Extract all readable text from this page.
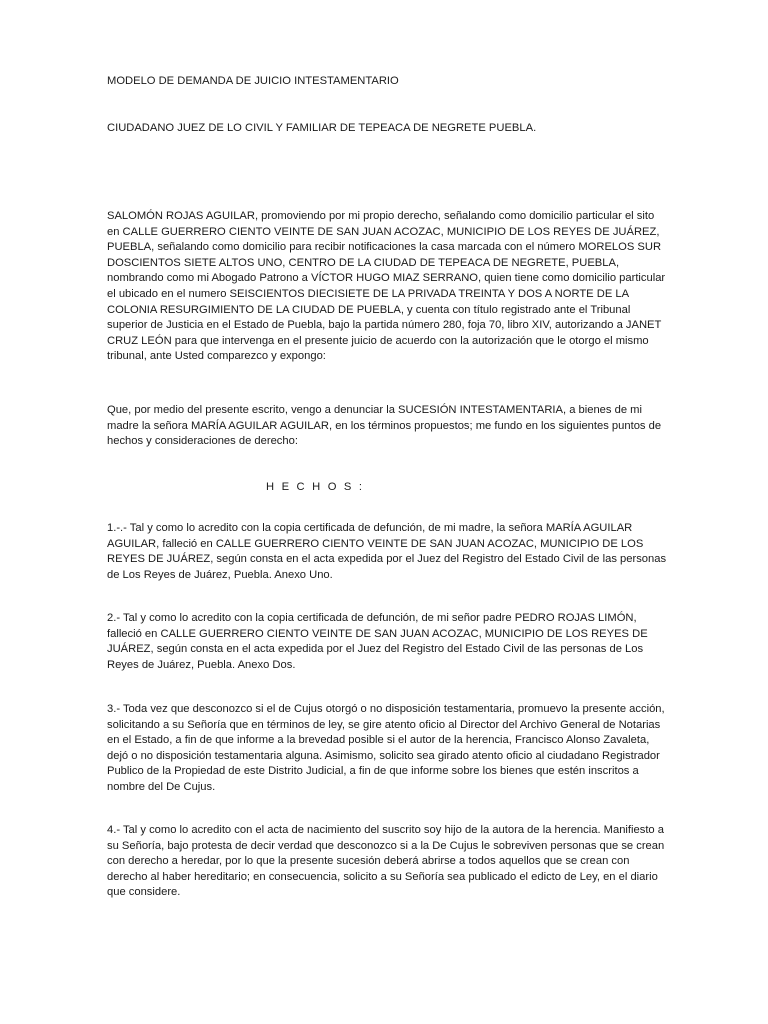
MODELO DE DEMANDA DE JUICIO INTESTAMENTARIO

CIUDADANO JUEZ DE LO CIVIL Y FAMILIAR DE TEPEACA DE NEGRETE PUEBLA.

SALOMÓN ROJAS AGUILAR, promoviendo por mi propio derecho, señalando como domicilio particular el sito en CALLE GUERRERO CIENTO VEINTE DE SAN JUAN ACOZAC, MUNICIPIO DE LOS REYES DE JUÁREZ, PUEBLA, señalando como domicilio para recibir notificaciones la casa marcada con el número MORELOS SUR DOSCIENTOS SIETE ALTOS UNO, CENTRO DE LA CIUDAD DE TEPEACA DE NEGRETE, PUEBLA, nombrando como mi Abogado Patrono a VÍCTOR HUGO MIAZ SERRANO, quien tiene como domicilio particular el ubicado en el numero SEISCIENTOS DIECISIETE DE LA PRIVADA TREINTA Y DOS A NORTE DE LA COLONIA RESURGIMIENTO DE LA CIUDAD DE PUEBLA, y cuenta con título registrado ante el Tribunal superior de Justicia en el Estado de Puebla, bajo la partida número 280, foja 70, libro XIV, autorizando a JANET CRUZ LEÓN para que intervenga en el presente juicio de acuerdo con la autorización que le otorgo el mismo tribunal, ante Usted comparezco y expongo:

Que, por medio del presente escrito, vengo a denunciar la SUCESIÓN INTESTAMENTARIA, a bienes de mi madre la señora MARÍA AGUILAR AGUILAR, en los términos propuestos; me fundo en los siguientes puntos de hechos y consideraciones de derecho:

HECHOS:

1.-.- Tal y como lo acredito con la copia certificada de defunción, de mi madre, la señora MARÍA AGUILAR AGUILAR, falleció en CALLE GUERRERO CIENTO VEINTE DE SAN JUAN ACOZAC, MUNICIPIO DE LOS REYES DE JUÁREZ, según consta en el acta expedida por el Juez del Registro del Estado Civil de las personas de Los Reyes de Juárez, Puebla. Anexo Uno.

2.- Tal y como lo acredito con la copia certificada de defunción, de mi señor padre PEDRO ROJAS LIMÓN, falleció en CALLE GUERRERO CIENTO VEINTE DE SAN JUAN ACOZAC, MUNICIPIO DE LOS REYES DE JUÁREZ, según consta en el acta expedida por el Juez del Registro del Estado Civil de las personas de Los Reyes de Juárez, Puebla. Anexo Dos.

3.- Toda vez que desconozco si el de Cujus otorgó o no disposición testamentaria, promuevo la presente acción, solicitando a su Señoría que en términos de ley, se gire atento oficio al Director del Archivo General de Notarias en el Estado, a fin de que informe a la brevedad posible si el autor de la herencia, Francisco Alonso Zavaleta, dejó o no disposición testamentaria alguna. Asimismo, solicito sea girado atento oficio al ciudadano Registrador Publico de la Propiedad de este Distrito Judicial, a fin de que informe sobre los bienes que estén inscritos a nombre del De Cujus.

4.- Tal y como lo acredito con el acta de nacimiento del suscrito soy hijo de la autora de la herencia. Manifiesto a su Señoría, bajo protesta de decir verdad que desconozco si a la De Cujus le sobreviven personas que se crean con derecho a heredar, por lo que la presente sucesión deberá abrirse a todos aquellos que se crean con derecho al haber hereditario; en consecuencia, solicito a su Señoría sea publicado el edicto de Ley, en el diario que considere.
